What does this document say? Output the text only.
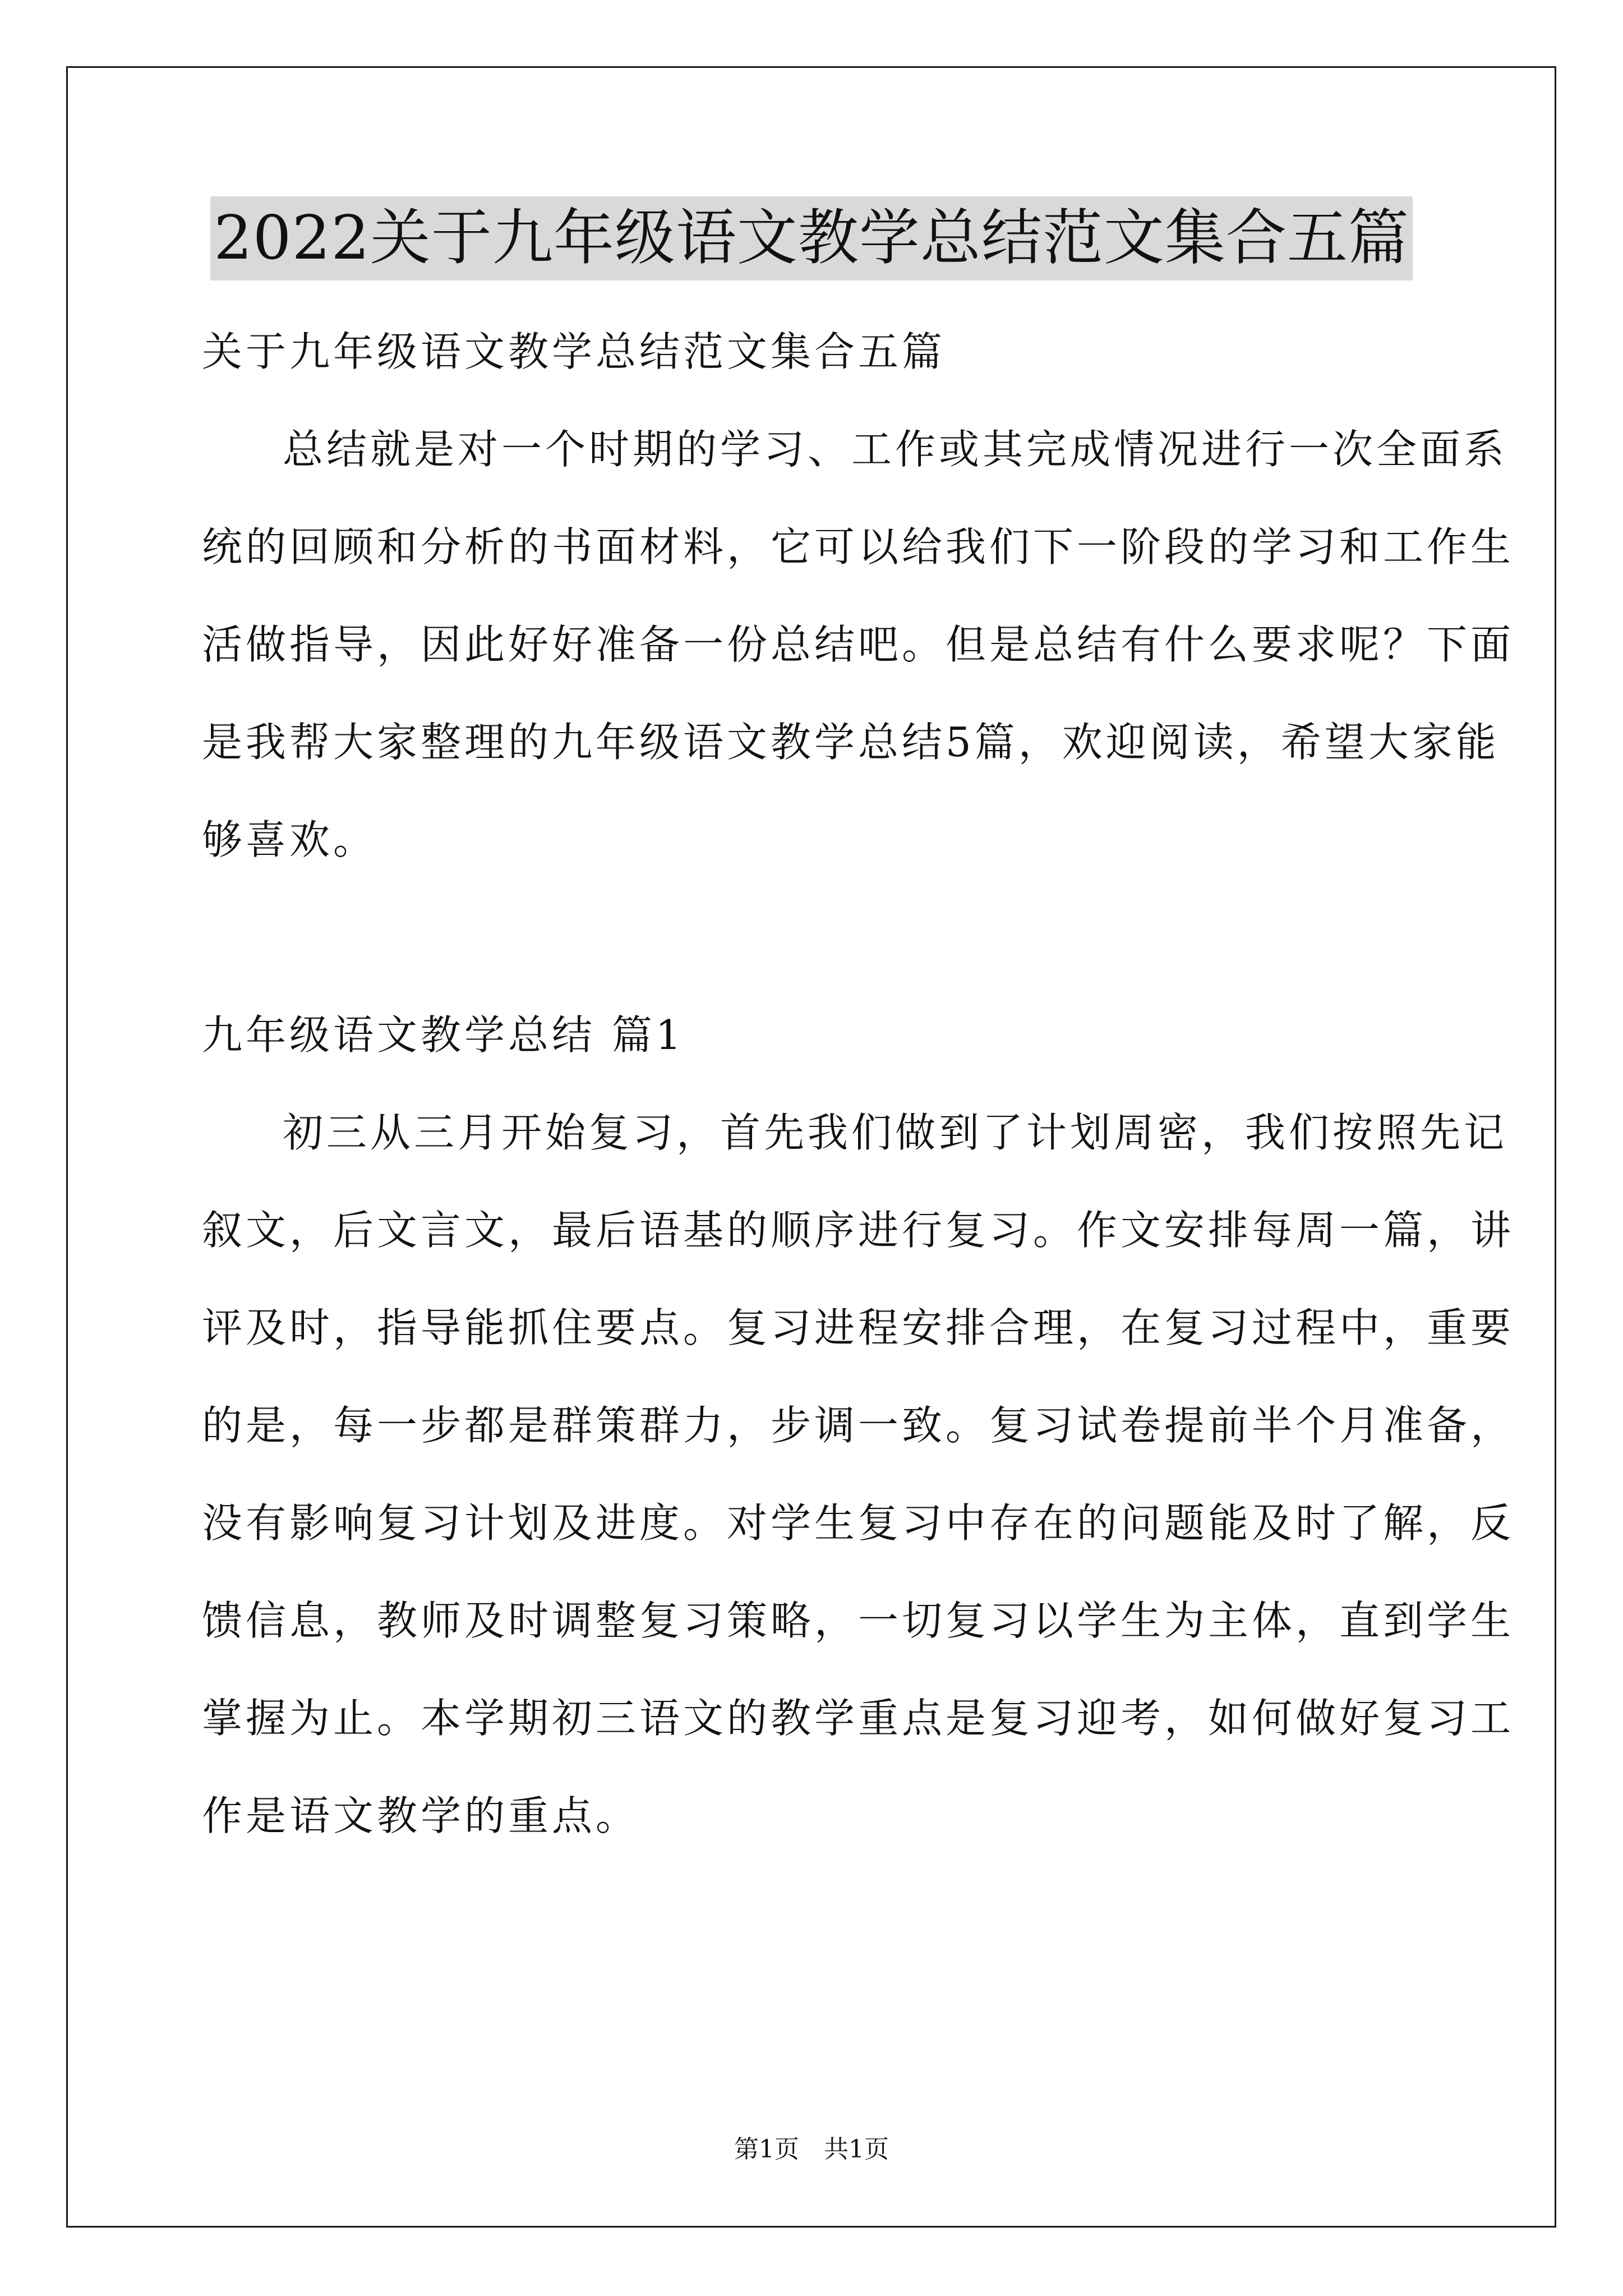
2022关于九年级语文教学总结范文集合五篇
关于九年级语文教学总结范文集合五篇
总结就是对一个时期的学习、工作或其完成情况进行一次全面系
统的回顾和分析的书面材料，它可以给我们下一阶段的学习和工作生
活做指导，因此好好准备一份总结吧。但是总结有什么要求呢？下面
是我帮大家整理的九年级语文教学总结5篇，欢迎阅读，希望大家能
够喜欢。
九年级语文教学总结 篇1
初三从三月开始复习，首先我们做到了计划周密，我们按照先记
叙文，后文言文，最后语基的顺序进行复习。作文安排每周一篇，讲
评及时，指导能抓住要点。复习进程安排合理，在复习过程中，重要
的是，每一步都是群策群力，步调一致。复习试卷提前半个月准备，
没有影响复习计划及进度。对学生复习中存在的问题能及时了解，反
馈信息，教师及时调整复习策略，一切复习以学生为主体，直到学生
掌握为止。本学期初三语文的教学重点是复习迎考，如何做好复习工
作是语文教学的重点。
第1页　共1页
